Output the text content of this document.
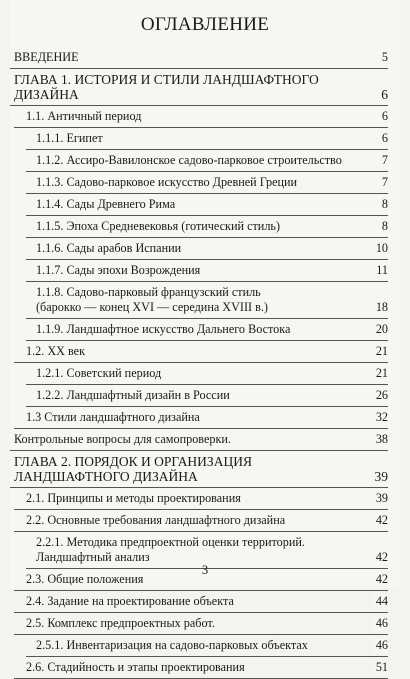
ОГЛАВЛЕНИЕ
ВВЕДЕНИЕ	5
ГЛАВА 1. ИСТОРИЯ И СТИЛИ ЛАНДШАФТНОГО ДИЗАЙНА	6
1.1. Античный период	6
1.1.1. Египет	6
1.1.2. Ассиро-Вавилонское садово-парковое строительство	7
1.1.3. Садово-парковое искусство Древней Греции	7
1.1.4. Сады Древнего Рима	8
1.1.5. Эпоха Средневековья (готический стиль)	8
1.1.6. Сады арабов Испании	10
1.1.7. Сады эпохи Возрождения	11
1.1.8. Садово-парковый французский стиль
(барокко — конец XVI — середина XVIII в.)	18
1.1.9. Ландшафтное искусство Дальнего Востока	20
1.2. XX век	21
1.2.1. Советский период	21
1.2.2. Ландшафтный дизайн в России	26
1.3 Стили ландшафтного дизайна	32
Контрольные вопросы для самопроверки.	38
ГЛАВА 2. ПОРЯДОК И ОРГАНИЗАЦИЯ
ЛАНДШАФТНОГО ДИЗАЙНА	39
2.1. Принципы и методы проектирования	39
2.2. Основные требования ландшафтного дизайна	42
2.2.1. Методика предпроектной оценки территорий.
Ландшафтный анализ	42
2.3. Общие положения	42
2.4. Задание на проектирование объекта	44
2.5. Комплекс предпроектных работ.	46
2.5.1. Инвентаризация на садово-парковых объектах	46
2.6. Стадийность и этапы проектирования	51
3
